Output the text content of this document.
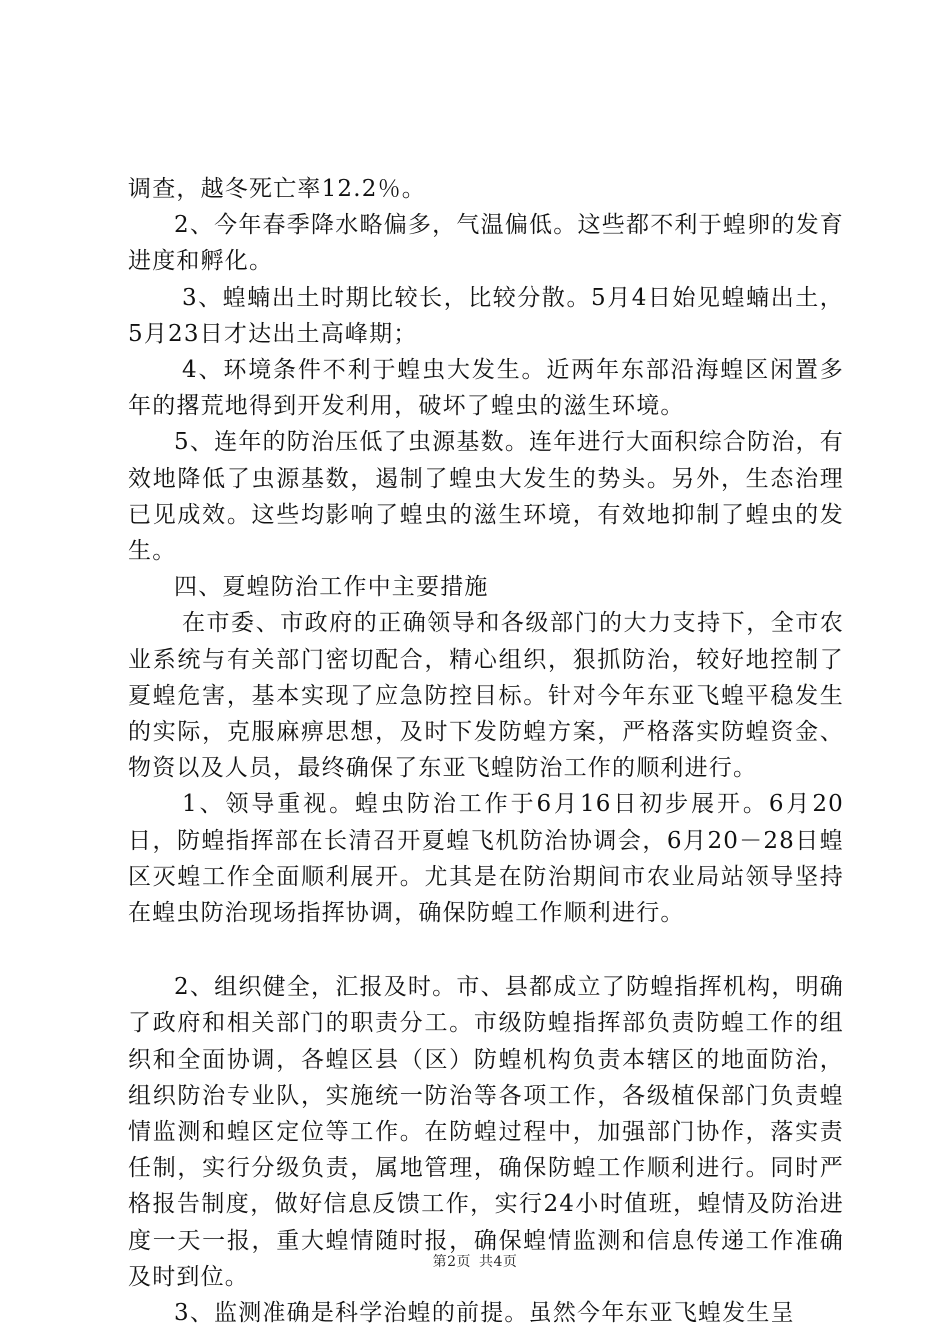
调查，越冬死亡率12.2％。

2、今年春季降水略偏多，气温偏低。这些都不利于蝗卵的发育进度和孵化。

3、蝗蝻出土时期比较长，比较分散。5月4日始见蝗蝻出土，5月23日才达出土高峰期；

4、环境条件不利于蝗虫大发生。近两年东部沿海蝗区闲置多年的撂荒地得到开发利用，破坏了蝗虫的滋生环境。

5、连年的防治压低了虫源基数。连年进行大面积综合防治，有效地降低了虫源基数，遏制了蝗虫大发生的势头。另外，生态治理已见成效。这些均影响了蝗虫的滋生环境，有效地抑制了蝗虫的发生。

四、夏蝗防治工作中主要措施

在市委、市政府的正确领导和各级部门的大力支持下，全市农业系统与有关部门密切配合，精心组织，狠抓防治，较好地控制了夏蝗危害，基本实现了应急防控目标。针对今年东亚飞蝗平稳发生的实际，克服麻痹思想，及时下发防蝗方案，严格落实防蝗资金、物资以及人员，最终确保了东亚飞蝗防治工作的顺利进行。

1、领导重视。蝗虫防治工作于6月16日初步展开。6月20日，防蝗指挥部在长清召开夏蝗飞机防治协调会，6月20－28日蝗区灭蝗工作全面顺利展开。尤其是在防治期间市农业局站领导坚持在蝗虫防治现场指挥协调，确保防蝗工作顺利进行。

2、组织健全，汇报及时。市、县都成立了防蝗指挥机构，明确了政府和相关部门的职责分工。市级防蝗指挥部负责防蝗工作的组织和全面协调，各蝗区县（区）防蝗机构负责本辖区的地面防治，组织防治专业队，实施统一防治等各项工作，各级植保部门负责蝗情监测和蝗区定位等工作。在防蝗过程中，加强部门协作，落实责任制，实行分级负责，属地管理，确保防蝗工作顺利进行。同时严格报告制度，做好信息反馈工作，实行24小时值班，蝗情及防治进度一天一报，重大蝗情随时报，确保蝗情监测和信息传递工作准确及时到位。

3、监测准确是科学治蝗的前提。虽然今年东亚飞蝗发生呈

第2页 共4页
